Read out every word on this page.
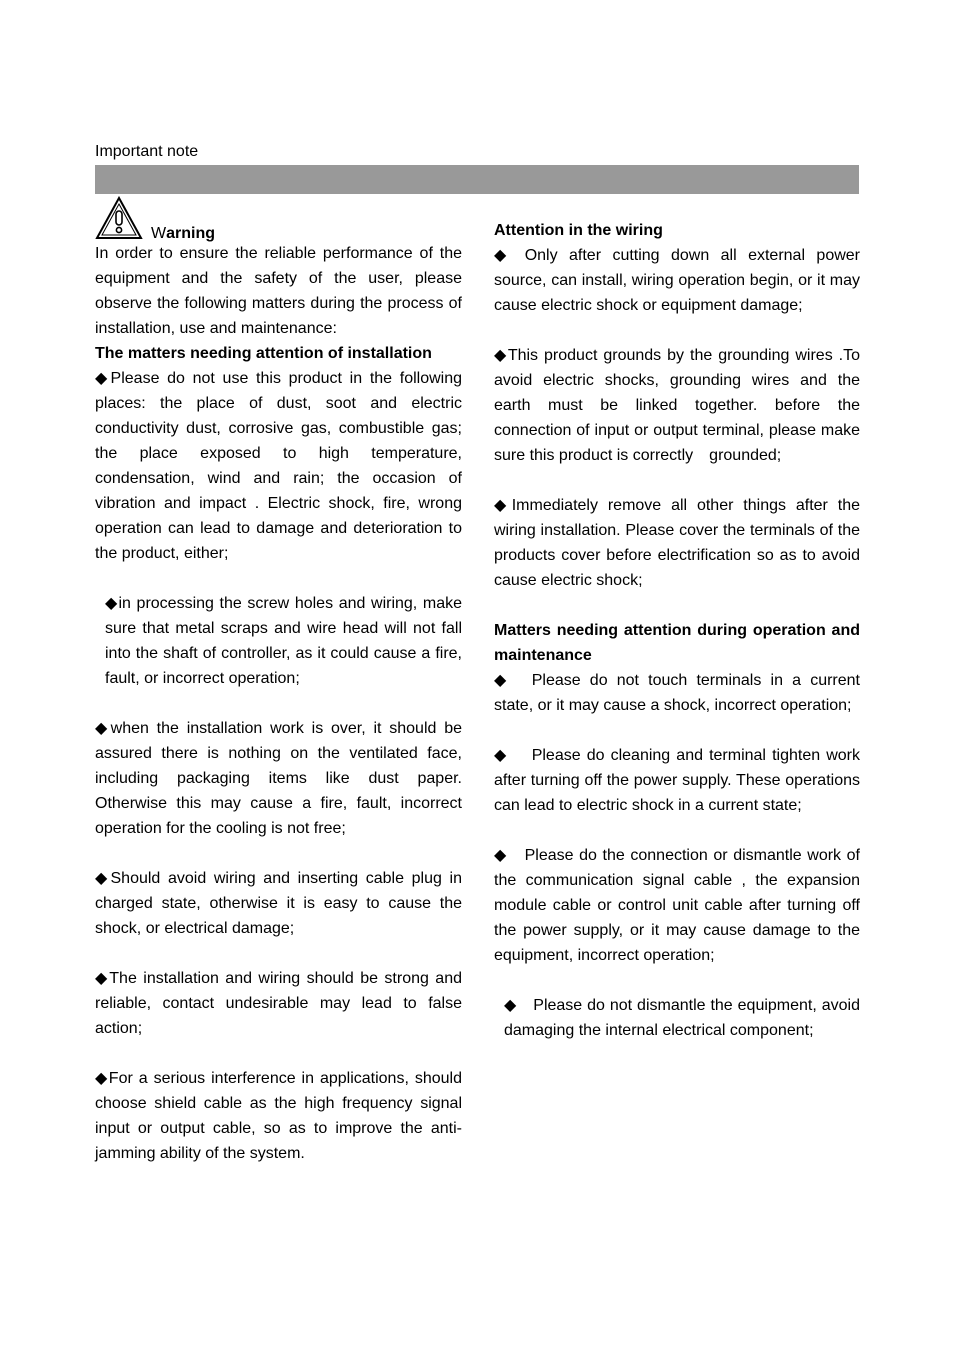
Important note
Warning

In order to ensure the reliable performance of the equipment and the safety of the user, please observe the following matters during the process of installation, use and maintenance:

The matters needing attention of installation

◆Please do not use this product in the following places: the place of dust, soot and electric conductivity dust, corrosive gas, combustible gas; the place exposed to high temperature, condensation, wind and rain; the occasion of vibration and impact . Electric shock, fire, wrong operation can lead to damage and deterioration to the product, either;

◆in processing the screw holes and wiring, make sure that metal scraps and wire head will not fall into the shaft of controller, as it could cause a fire, fault, or incorrect operation;

◆when the installation work is over, it should be assured there is nothing on the ventilated face, including packaging items like dust paper. Otherwise this may cause a fire, fault, incorrect operation for the cooling is not free;

◆Should avoid wiring and inserting cable plug in charged state, otherwise it is easy to cause the shock, or electrical damage;

◆The installation and wiring should be strong and reliable, contact undesirable may lead to false action;

◆For a serious interference in applications, should choose shield cable as the high frequency signal input or output cable, so as to improve the anti-jamming ability of the system.

Attention in the wiring

◆ Only after cutting down all external power source, can install, wiring operation begin, or it may cause electric shock or equipment damage;

◆This product grounds by the grounding wires .To avoid electric shocks, grounding wires and the earth must be linked together. before the connection of input or output terminal, please make sure this product is correctly　grounded;

◆Immediately remove all other things after the wiring installation. Please cover the terminals of the products cover before electrification so as to avoid cause electric shock;

Matters needing attention during operation and maintenance

◆　Please do not touch terminals in a current state, or it may cause a shock, incorrect operation;

◆　 Please do cleaning and terminal tighten work after turning off the power supply. These operations can lead to electric shock in a current state;

◆　Please do the connection or dismantle work of the communication signal cable , the expansion module cable or control unit cable after turning off the power supply, or it may cause damage to the equipment, incorrect operation;

◆　Please do not dismantle the equipment, avoid damaging the internal electrical component;
